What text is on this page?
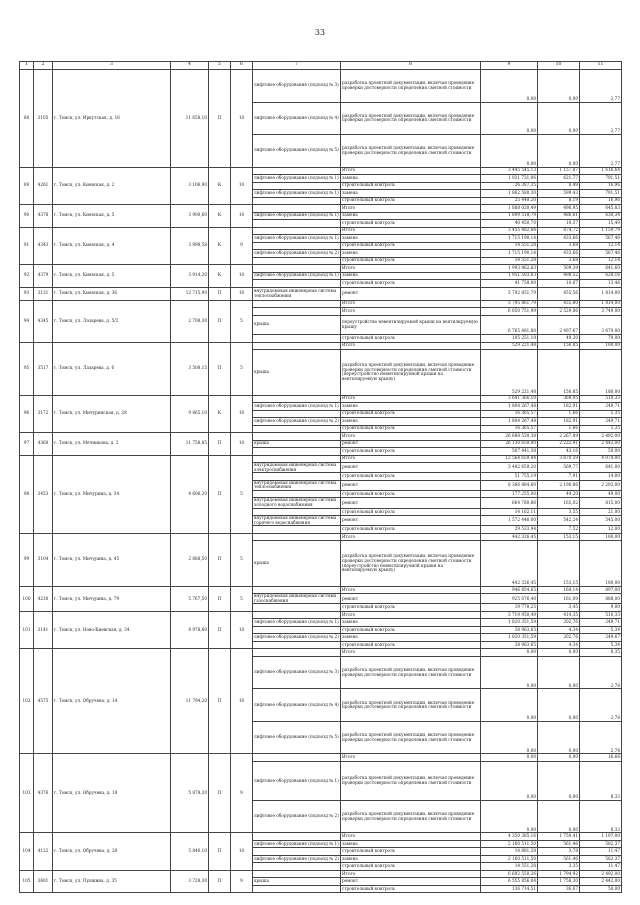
33
1	2	3	4	5	6	7	8	9	10	11
88	3105	г. Томск, ул. Иркутская, д. 16	11 658,10	П	10	лифтовое оборудование (подъезд № 3)	разработка проектной документации, включая проведение проверки достоверности определения сметной стоимости	0,00	0,00	2,77
						лифтовое оборудование (подъезд № 4)	разработка проектной документации, включая проведение проверки достоверности определения сметной стоимости	0,00	0,00	2,77
						лифтовое оборудование (подъезд № 5)	разработка проектной документации, включая проведение проверки достоверности определения сметной стоимости	0,00	0,00	2,77
89	4261	г. Томск, ул. Киевская, д. 2	3 106,90	К	10		Итого	3 445 545,13	1 157,87	1 616,64
						лифтовое оборудование (подъезд № 1)	замена	1 931 731,06	621,77	791,51
							строительный контроль	26 387,35	8,49	16,96
						лифтовое оборудование (подъезд № 1)	замена	1 862 580,30	599,43	791,51
							строительный контроль	25 440,20	8,19	16,96
90	4378	г. Томск, ул. Киевская, д. 5	3 900,60	К	10		Итого	1 888 020,49	496,95	645,83
						лифтовое оборудование (подъезд № 1)	замена	1 899 518,79	486,61	630,34
							строительный контроль	40 450,70	10,37	15,49
91	4343	г. Томск, ул. Киевская, д. 4	3 998,58	К	9		Итого	3 455 482,84	874,72	1 159,79
						лифтовое оборудование (подъезд № 1)	замена	1 715 190,14	433,66	567,46
							строительный контроль	14 551,28	3,68	12,14
						лифтовое оборудование (подъезд № 2)	замена	1 715 190,14	433,66	567,46
							строительный контроль	14 551,28	3,68	12,14
92	4379	г. Томск, ул. Киевская, д. 5	3 914,20	К	10		Итого	1 993 862,63	509,39	641,60
						лифтовое оборудование (подъезд № 1)	замена	1 951 503,63	498,52	628,16
							строительный контроль	41 758,00	10,67	13,46
93	3131	г. Томск, ул. Киевская, д. 36	12 715,90	П	10	внутридомовая инженерная система теплоснабжения	ремонт	5 792 851,79	455,56	1 814,00
94	4345	г. Томск, ул. Лазарева, д. 5/2	2 708,30	П	5		Итого	5 795 861,79	455,80	1 814,00
							Итого	6 850 751,99	2 529,86	3 749,00
						крыша	переустройство невентилируемой крыши на вентилируемую крышу	6 765 481,80	2 497,67	3 670,00
							строительный контроль	105 251,19	49,20	79,00
95	3517	г. Томск, ул. Лазарева, д. 6	3 508,15	П	5		Итого	529 221,48	150,85	180,00
						крыша	разработка проектной документации, включая проведение проверки достоверности определения сметной стоимости (переустройство невентилируемой крыши на вентилируемую крышу)	529 221,48	150,85	180,00
96	3172	г. Томск, ул. Мичуринская, д. 28	9 865,10	К	10		Итого	3 641 366,10	369,05	510,33
						лифтовое оборудование (подъезд № 1)	замена	1 804 267,48	182,91	249,71
							строительный контроль	16 365,57	1,66	5,35
						лифтовое оборудование (подъезд № 2)	замена	1 804 267,48	182,91	249,71
							строительный контроль	16 365,57	1,66	5,35
97	4360	г. Томск, ул. Мечникова, д. 2	11 758,85	П	10		Итого	26 688 530,38	2 267,89	2 492,00
						крыша	ремонт	26 130 659,00	2 222,91	2 442,00
							строительный контроль	507 441,38	43,16	50,00
98	3453	г. Томск, ул. Мичурина, д. 34	4 606,20	П	5		Итого	12 564 659,84	3 670,59	4 074,00
						внутридомовая инженерная система электроснабжения	ремонт	3 482 659,20	569,77	641,00
							строительный контроль	51 755,19	7,91	14,00
						внутридомовая инженерная система теплоснабжения	ремонт	8 366 884,60	2 190,86	2 292,00
							строительный контроль	177 255,00	44,20	49,00
						внутридомовая инженерная система холодного водоснабжения	ремонт	664 780,86	165,02	815,00
							строительный контроль	14 162,11	3,55	21,00
						внутридомовая инженерная система горячего водоснабжения	ремонт	1 572 446,00	542,24	545,00
							строительный контроль	29 533,94	7,52	12,00
99	3104	г. Томск, ул. Мичурина, д. 45	2 888,50	П	5		Итого	442 326,45	153,15	180,00
						крыша	разработка проектной документации, включая проведение проверки достоверности определения сметной стоимости (переустройство невентилируемой крыши на вентилируемую крышу)	442 326,45	153,15	180,00
100	4230	г. Томск, ул. Мичурина, д. 79	5 767,50	П	5		Итого	946 854,65	164,14	897,00
						внутридомовая инженерная система газоснабжения	ремонт	925 076,40	161,09	888,00
							строительный контроль	19 778,25	3,45	9,00
101	3141	г. Томск, ул. Ново-Киевская, д. 34	8 978,60	П	10		Итого	3 719 950,49	414,35	510,33
						лифтовое оборудование (подъезд № 1)	замена	1 820 351,59	202,76	249,71
							строительный контроль	38 963,65	4,34	5,34
						лифтовое оборудование (подъезд № 2)	замена	1 820 351,59	202,76	249,67
							строительный контроль	38 963,65	4,34	5,34
102	4575	г. Томск, ул. Обручева, д. 14	11 794,20	П	10		Итого	0,00	0,00	8,35
						лифтовое оборудование (подъезд № 3)	разработка проектной документации, включая проведение проверки достоверности определения сметной стоимости	0,00	0,00	2,78
						лифтовое оборудование (подъезд № 4)	разработка проектной документации, включая проведение проверки достоверности определения сметной стоимости	0,00	0,00	2,78
						лифтовое оборудование (подъезд № 5)	разработка проектной документации, включая проведение проверки достоверности определения сметной стоимости	0,00	0,00	2,78
103	4376	г. Томск, ул. Обручева, д. 18	5 878,20	П	9		Итого	0,00	0,00	16,66
						лифтовое оборудование (подъезд № 1)	разработка проектной документации, включая проведение проверки достоверности определения сметной стоимости	0,00	0,00	8,33
						лифтовое оборудование (подъезд № 2)	разработка проектной документации, включая проведение проверки достоверности определения сметной стоимости	0,00	0,00	8,33
104	4122	г. Томск, ул. Обручева, д. 20	5 840,10	П	10		Итого	4 350 385,16	1 750,41	1 197,00
						лифтовое оборудование (подъезд № 1)	замена	2 160 511,50	561,46	582,37
							строительный контроль	14 881,28	3,78	11,47
						лифтовое оборудование (подъезд № 2)	замена	2 160 511,50	561,46	582,37
							строительный контроль	14 551,28	3,35	11,47
105	3601	г. Томск, ул. Пушкина, д. 35	3 728,30	П	9		Итого	6 692 550,26	1 794,92	2 492,00
						крыша	ремонт	6 555 856,04	1 758,30	2 442,00
							строительный контроль	136 714,51	36,67	50,00
